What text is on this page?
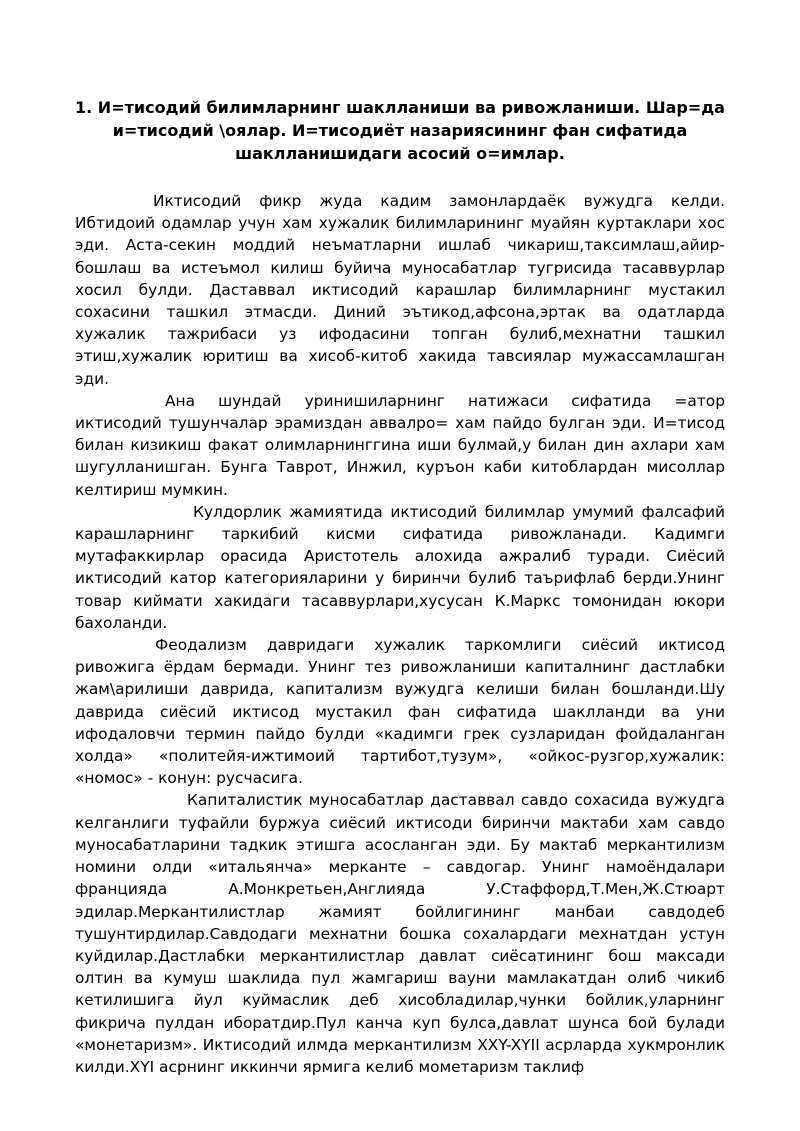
1. И=тисодий билимларнинг шаклланиши ва ривожланиши. Шар=да и=тисодий \оялар. И=тисодиёт назариясининг фан сифатида шаклланишидаги асосий о=имлар.

Иктисодий фикр жуда кадим замонлардаёк вужудга келди. Ибтидоий одамлар учун хам хужалик билимларининг муайян куртаклари хос эди. Аста-секин моддий неъматларни ишлаб чикариш,таксимлаш,айир-бошлаш ва истеъмол килиш буйича муносабатлар тугрисида тасаввурлар хосил булди. Даставвал иктисодий карашлар билимларнинг мустакил сохасини ташкил этмасди. Диний эътикод,афсона,эртак ва одатларда хужалик тажрибаси уз ифодасини топган булиб,мехнатни ташкил этиш,хужалик юритиш ва хисоб-китоб хакида тавсиялар мужассамлашган эди.

Ана шундай уринишиларнинг натижаси сифатида =атор иктисодий тушунчалар эрамиздан аввалро= хам пайдо булган эди. И=тисод билан кизикиш факат олимларнинггина иши булмай,у билан дин ахлари хам шугулланишган. Бунга Таврот, Инжил, куръон каби китоблардан мисоллар келтириш мумкин.

Кулдорлик жамиятида иктисодий билимлар умумий фалсафий карашларнинг таркибий кисми сифатида ривожланади. Кадимги мутафаккирлар орасида Аристотель алохида ажралиб туради. Сиёсий иктисодий катор категорияларини у биринчи булиб таърифлаб берди.Унинг товар киймати хакидаги тасаввурлари,хусусан К.Маркс томонидан юкори бахоланди.

Феодализм давридаги хужалик таркомлиги сиёсий иктисод ривожига ёрдам бермади. Унинг тез ривожланиши капиталнинг дастлабки жам\арилиши даврида, капитализм вужудга келиши билан бошланди.Шу даврида сиёсий иктисод мустакил фан сифатида шаклланди ва уни ифодаловчи термин пайдо булди «кадимги грек сузларидан фойдаланган холда» «политейя-ижтимоий тартибот,тузум», «ойкос-рузгор,хужалик: «номос» - конун: русчасига.

Капиталистик муносабатлар даставвал савдо сохасида вужудга келганлиги туфайли буржуа сиёсий иктисоди биринчи мактаби хам савдо муносабатларини тадкик этишга асосланган эди. Бу мактаб меркантилизм номини олди «итальянча» мерканте – савдогар. Унинг намоёндалари францияда А.Монкретьен,Англияда У.Стаффорд,Т.Мен,Ж.Стюарт эдилар.Меркантилистлар жамият бойлигининг манбаи савдодеб тушунтирдилар.Савдодаги мехнатни бошка сохалардаги мехнатдан устун куйдилар.Дастлабки меркантилистлар давлат сиёсатининг бош максади олтин ва кумуш шаклида пул жамгариш вауни мамлакатдан олиб чикиб кетилишига йул куймаслик деб хисобладилар,чунки бойлик,уларнинг фикрича пулдан иборатдир.Пул канча куп булса,давлат шунса бой булади «монетаризм». Иктисодий илмда меркантилизм XXY-XYII асрларда хукмронлик килди.XYI асрнинг иккинчи ярмига келиб мометаризм таклиф
